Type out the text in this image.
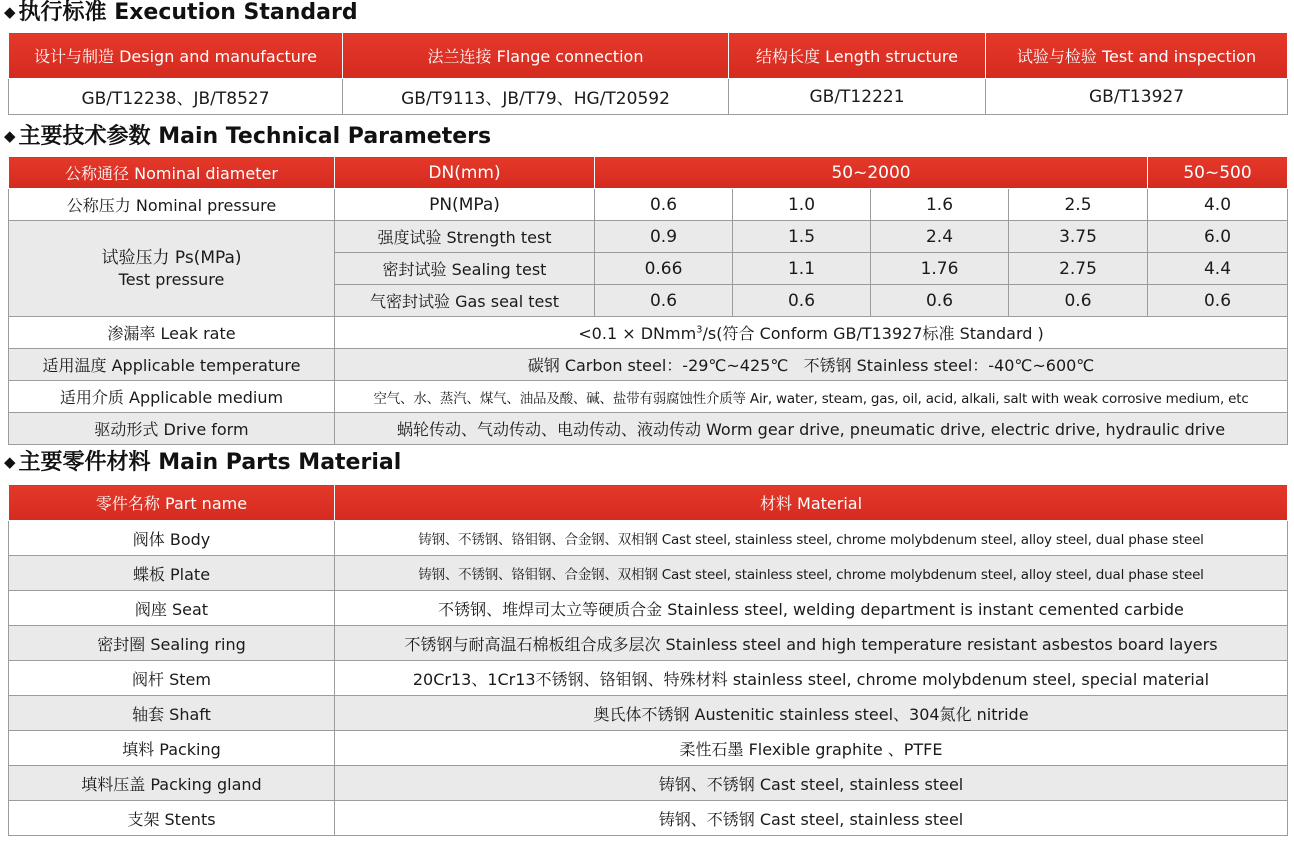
◆ 执行标准 Execution Standard
设计与制造 Design and manufacture	法兰连接 Flange connection	结构长度 Length structure	试验与检验 Test and inspection
GB/T12238、JB/T8527	GB/T9113、JB/T79、HG/T20592	GB/T12221	GB/T13927
◆ 主要技术参数 Main Technical Parameters
公称通径 Nominal diameter	DN(mm)	50~2000				50~500
公称压力 Nominal pressure	PN(MPa)	0.6	1.0	1.6	2.5	4.0

试验压力 Ps(MPa)
Test pressure	强度试验 Strength test	0.9	1.5	2.4	3.75	6.0
	密封试验 Sealing test	0.66	1.1	1.76	2.75	4.4
	气密封试验 Gas seal test	0.6	0.6	0.6	0.6	0.6
渗漏率 Leak rate	<0.1 × DNmm$^3$/s(符合 Conform GB/T13927标准 Standard )					
适用温度 Applicable temperature	碳钢 Carbon steel：-29℃~425℃   不锈钢 Stainless steel：-40℃~600℃					
适用介质 Applicable medium	空气、水、蒸汽、煤气、油品及酸、碱、盐带有弱腐蚀性介质等 Air, water, steam, gas, oil, acid, alkali, salt with weak corrosive medium, etc					
驱动形式 Drive form	蜗轮传动、气动传动、电动传动、液动传动 Worm gear drive, pneumatic drive, electric drive, hydraulic drive					
◆ 主要零件材料 Main Parts Material
零件名称 Part name	材料 Material
阀体 Body	铸钢、不锈钢、铬钼钢、合金钢、双相钢 Cast steel, stainless steel, chrome molybdenum steel, alloy steel, dual phase steel
蝶板 Plate	铸钢、不锈钢、铬钼钢、合金钢、双相钢 Cast steel, stainless steel, chrome molybdenum steel, alloy steel, dual phase steel
阀座 Seat	不锈钢、堆焊司太立等硬质合金 Stainless steel, welding department is instant cemented carbide
密封圈 Sealing ring	不锈钢与耐高温石棉板组合成多层次 Stainless steel and high temperature resistant asbestos board layers
阀杆 Stem	20Cr13、1Cr13不锈钢、铬钼钢、特殊材料 stainless steel, chrome molybdenum steel, special material
轴套 Shaft	奥氏体不锈钢 Austenitic stainless steel、304氮化 nitride
填料 Packing	柔性石墨 Flexible graphite 、PTFE
填料压盖 Packing gland	铸钢、不锈钢 Cast steel, stainless steel
支架 Stents	铸钢、不锈钢 Cast steel, stainless steel
